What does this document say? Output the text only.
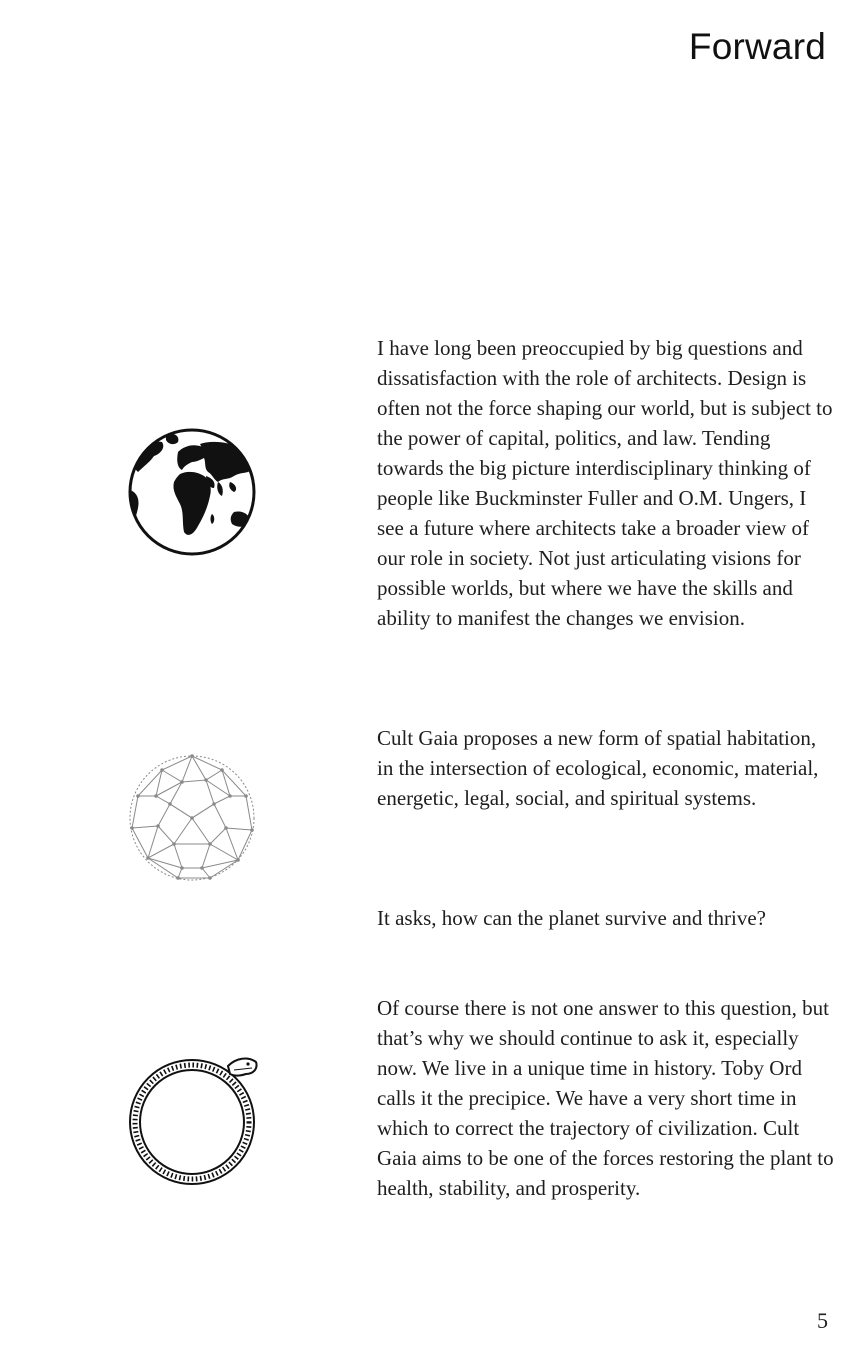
Forward

I have long been preoccupied by big questions and dissatisfaction with the role of architects. Design is often not the force shaping our world, but is subject to the power of capital, politics, and law. Tending towards the big picture interdisciplinary thinking of people like Buckminster Fuller and O.M. Ungers, I see a future where architects take a broader view of our role in society. Not just articulating visions for possible worlds, but where we have the skills and ability to manifest the changes we envision.

Cult Gaia proposes a new form of spatial habitation, in the intersection of ecological, economic, material, energetic, legal, social, and spiritual systems.

It asks, how can the planet survive and thrive?

Of course there is not one answer to this question, but that’s why we should continue to ask it, especially now. We live in a unique time in history. Toby Ord calls it the precipice. We have a very short time in which to correct the trajectory of civilization. Cult Gaia aims to be one of the forces restoring the plant to health, stability, and prosperity.

5
